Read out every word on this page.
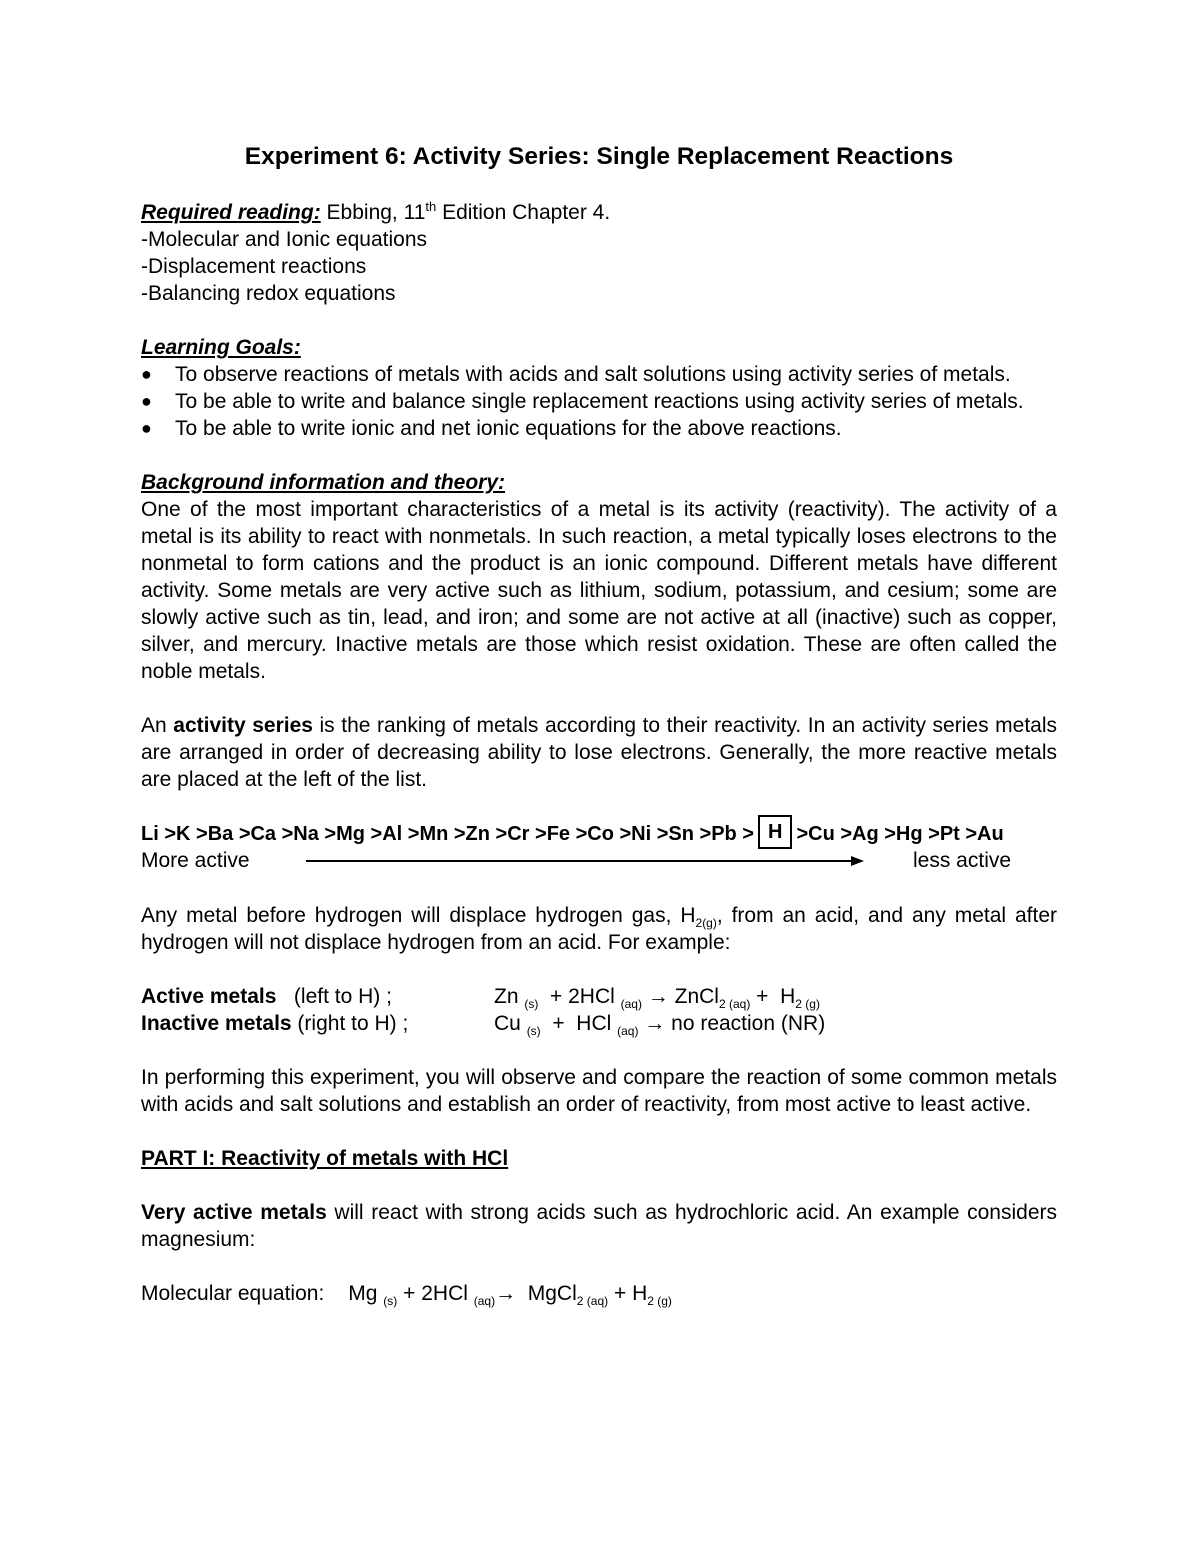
Experiment 6: Activity Series: Single Replacement Reactions

Required reading: Ebbing, 11th Edition Chapter 4.

-Molecular and Ionic equations

-Displacement reactions

-Balancing redox equations

Learning Goals:

● To observe reactions of metals with acids and salt solutions using activity series of metals.
● To be able to write and balance single replacement reactions using activity series of metals.
● To be able to write ionic and net ionic equations for the above reactions.

Background information and theory:

One of the most important characteristics of a metal is its activity (reactivity). The activity of a metal is its ability to react with nonmetals. In such reaction, a metal typically loses electrons to the nonmetal to form cations and the product is an ionic compound. Different metals have different activity. Some metals are very active such as lithium, sodium, potassium, and cesium; some are slowly active such as tin, lead, and iron; and some are not active at all (inactive) such as copper, silver, and mercury. Inactive metals are those which resist oxidation. These are often called the noble metals.

An activity series is the ranking of metals according to their reactivity. In an activity series metals are arranged in order of decreasing ability to lose electrons. Generally, the more reactive metals are placed at the left of the list.

Li >K >Ba >Ca >Na >Mg >Al >Mn >Zn >Cr >Fe >Co >Ni >Sn >Pb > H >Cu >Ag >Hg >Pt >Au
More active	less active

Any metal before hydrogen will displace hydrogen gas, $H_{2(g)}$, from an acid, and any metal after hydrogen will not displace hydrogen from an acid. For example:

Active metals   (left to H) ;	Zn $_{(s)}$  + 2HCl $_{(aq)}$ → ZnCl$_{2 (aq)}$ +  $H_{2 (g)}$
Inactive metals (right to H) ;	Cu $_{(s)}$  +  HCl $_{(aq)}$ → no reaction (NR)

In performing this experiment, you will observe and compare the reaction of some common metals with acids and salt solutions and establish an order of reactivity, from most active to least active.

PART I: Reactivity of metals with HCl

Very active metals will react with strong acids such as hydrochloric acid. An example considers magnesium:

Molecular equation: Mg $_{(s)}$ + 2HCl $_{(aq)}$→  MgCl$_{2 (aq)}$ + $H_{2 (g)}$
